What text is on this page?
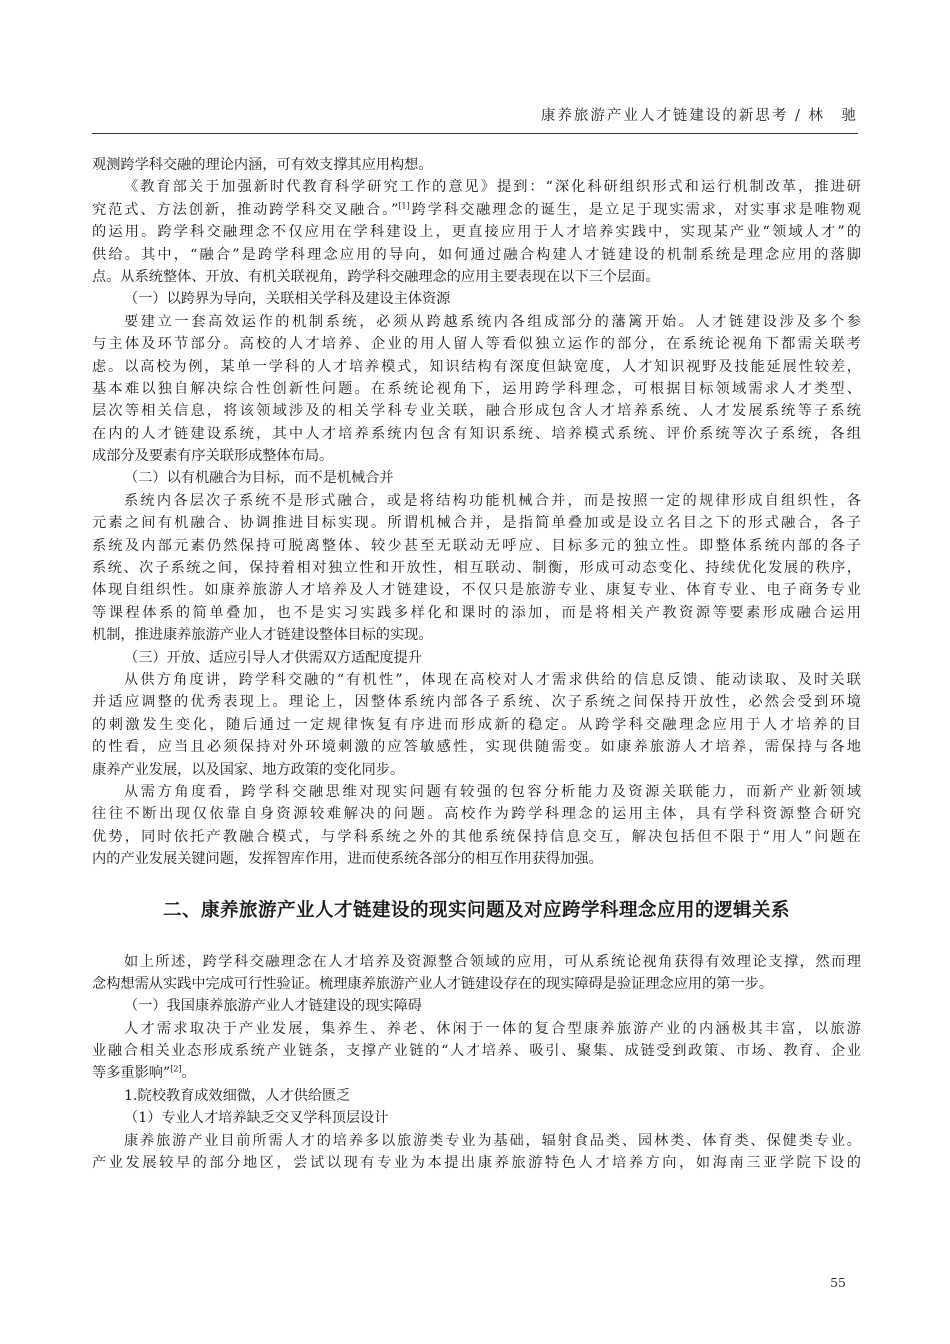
康养旅游产业人才链建设的新思考 / 林　驰
观测跨学科交融的理论内涵，可有效支撑其应用构想。
《教育部关于加强新时代教育科学研究工作的意见》提到：“深化科研组织形式和运行机制改革，推进研
究范式、方法创新，推动跨学科交叉融合。”[1]跨学科交融理念的诞生，是立足于现实需求，对实事求是唯物观
的运用。跨学科交融理念不仅应用在学科建设上，更直接应用于人才培养实践中，实现某产业“领域人才”的
供给。其中，“融合”是跨学科理念应用的导向，如何通过融合构建人才链建设的机制系统是理念应用的落脚
点。从系统整体、开放、有机关联视角，跨学科交融理念的应用主要表现在以下三个层面。
（一）以跨界为导向，关联相关学科及建设主体资源
要建立一套高效运作的机制系统，必须从跨越系统内各组成部分的藩篱开始。人才链建设涉及多个参
与主体及环节部分。高校的人才培养、企业的用人留人等看似独立运作的部分，在系统论视角下都需关联考
虑。以高校为例，某单一学科的人才培养模式，知识结构有深度但缺宽度，人才知识视野及技能延展性较差，
基本难以独自解决综合性创新性问题。在系统论视角下，运用跨学科理念，可根据目标领域需求人才类型、
层次等相关信息，将该领域涉及的相关学科专业关联，融合形成包含人才培养系统、人才发展系统等子系统
在内的人才链建设系统，其中人才培养系统内包含有知识系统、培养模式系统、评价系统等次子系统，各组
成部分及要素有序关联形成整体布局。
（二）以有机融合为目标，而不是机械合并
系统内各层次子系统不是形式融合，或是将结构功能机械合并，而是按照一定的规律形成自组织性，各
元素之间有机融合、协调推进目标实现。所谓机械合并，是指简单叠加或是设立名目之下的形式融合，各子
系统及内部元素仍然保持可脱离整体、较少甚至无联动无呼应、目标多元的独立性。即整体系统内部的各子
系统、次子系统之间，保持着相对独立性和开放性，相互联动、制衡，形成可动态变化、持续优化发展的秩序，
体现自组织性。如康养旅游人才培养及人才链建设，不仅只是旅游专业、康复专业、体育专业、电子商务专业
等课程体系的简单叠加，也不是实习实践多样化和课时的添加，而是将相关产教资源等要素形成融合运用
机制，推进康养旅游产业人才链建设整体目标的实现。
（三）开放、适应引导人才供需双方适配度提升
从供方角度讲，跨学科交融的“有机性”，体现在高校对人才需求供给的信息反馈、能动读取、及时关联
并适应调整的优秀表现上。理论上，因整体系统内部各子系统、次子系统之间保持开放性，必然会受到环境
的刺激发生变化，随后通过一定规律恢复有序进而形成新的稳定。从跨学科交融理念应用于人才培养的目
的性看，应当且必须保持对外环境刺激的应答敏感性，实现供随需变。如康养旅游人才培养，需保持与各地
康养产业发展，以及国家、地方政策的变化同步。
从需方角度看，跨学科交融思维对现实问题有较强的包容分析能力及资源关联能力，而新产业新领域
往往不断出现仅依靠自身资源较难解决的问题。高校作为跨学科理念的运用主体，具有学科资源整合研究
优势，同时依托产教融合模式，与学科系统之外的其他系统保持信息交互，解决包括但不限于“用人”问题在
内的产业发展关键问题，发挥智库作用，进而使系统各部分的相互作用获得加强。
二、康养旅游产业人才链建设的现实问题及对应跨学科理念应用的逻辑关系
如上所述，跨学科交融理念在人才培养及资源整合领域的应用，可从系统论视角获得有效理论支撑，然而理
念构想需从实践中完成可行性验证。梳理康养旅游产业人才链建设存在的现实障碍是验证理念应用的第一步。
（一）我国康养旅游产业人才链建设的现实障碍
人才需求取决于产业发展，集养生、养老、休闲于一体的复合型康养旅游产业的内涵极其丰富，以旅游
业融合相关业态形成系统产业链条，支撑产业链的“人才培养、吸引、聚集、成链受到政策、市场、教育、企业
等多重影响”[2]。
1.院校教育成效细微，人才供给匮乏
（1）专业人才培养缺乏交叉学科顶层设计
康养旅游产业目前所需人才的培养多以旅游类专业为基础，辐射食品类、园林类、体育类、保健类专业。
产业发展较早的部分地区，尝试以现有专业为本提出康养旅游特色人才培养方向，如海南三亚学院下设的
55
